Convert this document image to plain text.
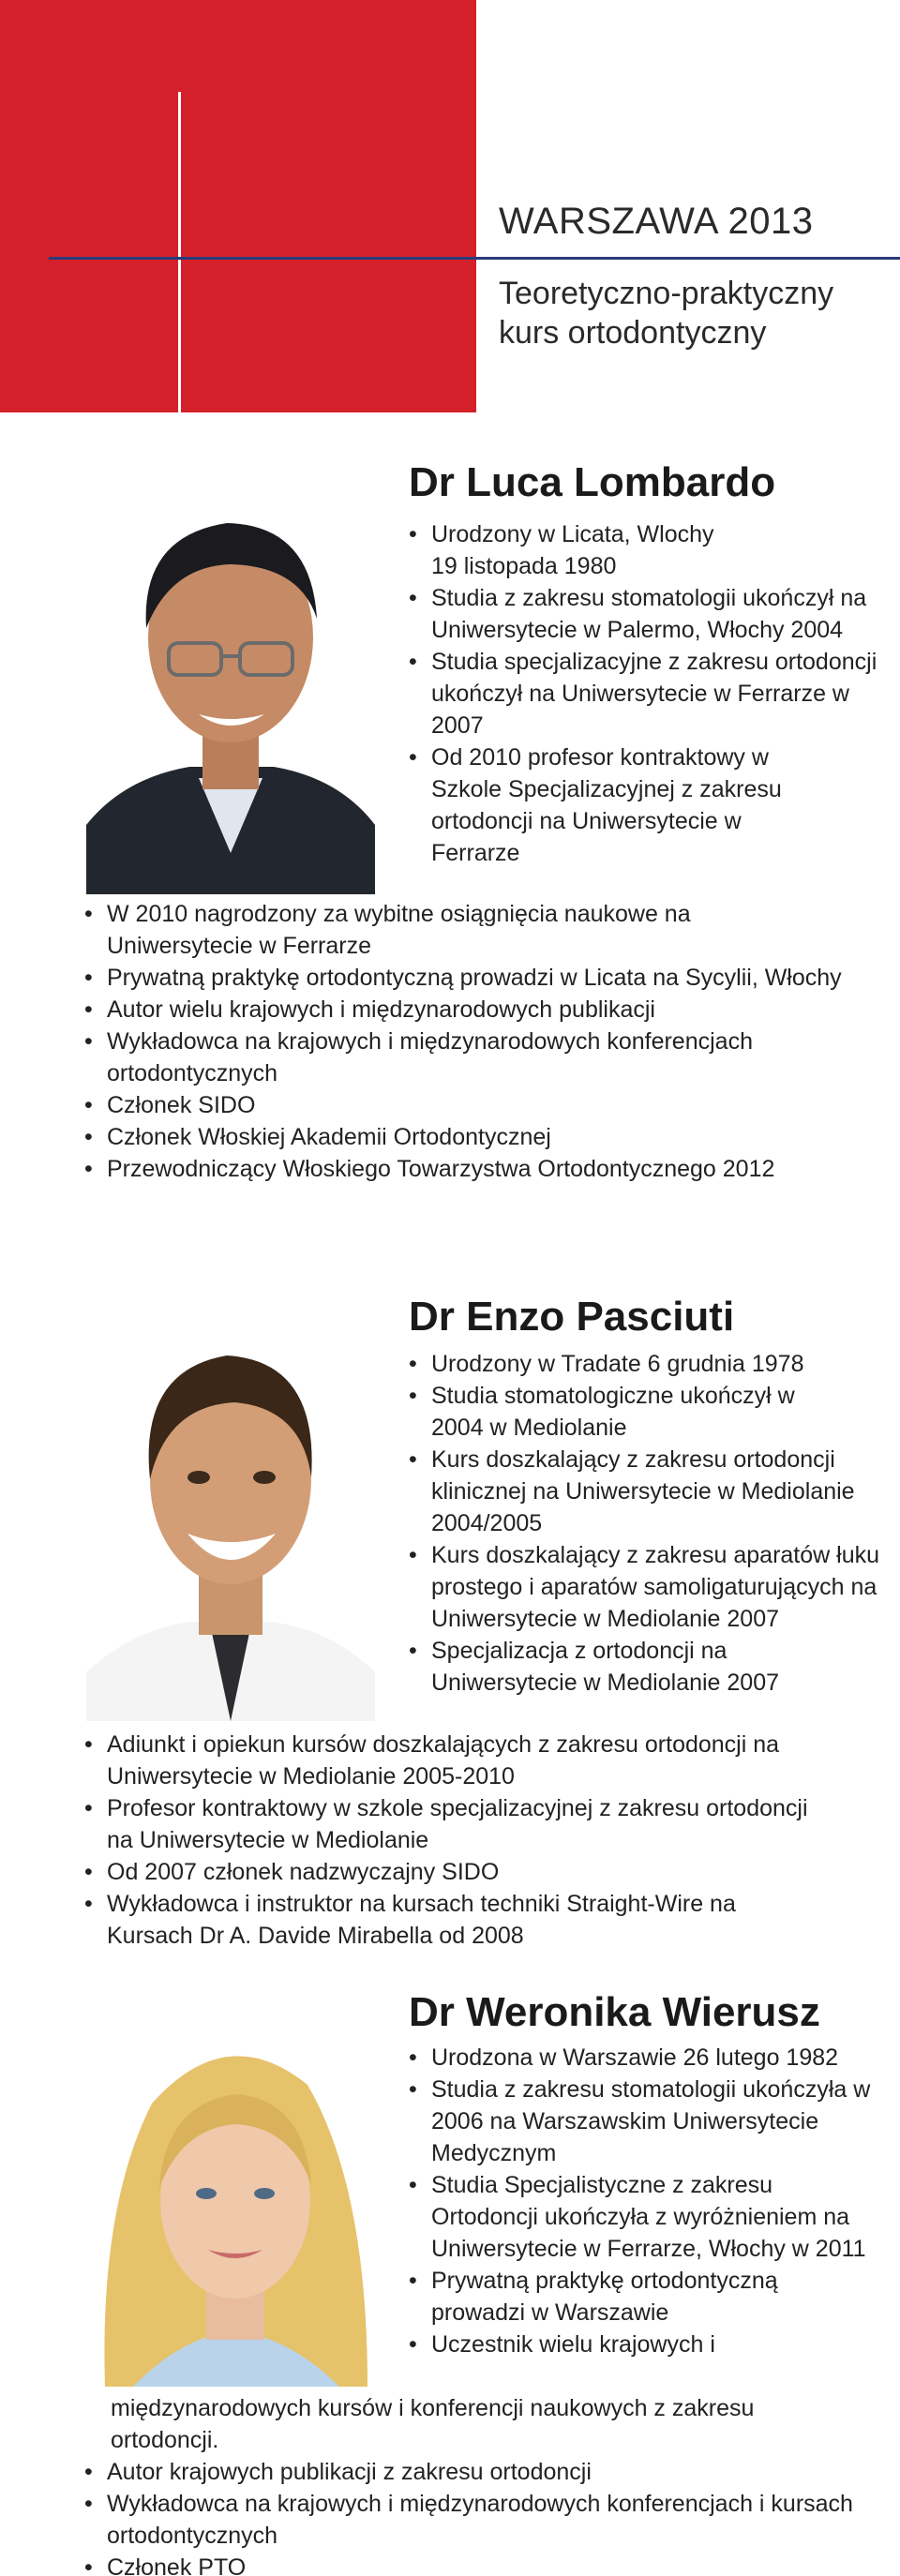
WARSZAWA 2013
Teoretyczno-praktyczny
kurs ortodontyczny
Dr Luca Lombardo
• Urodzony w Licata, Wlochy 19 listopada 1980
• Studia z zakresu stomatologii ukończył na Uniwersytecie w Palermo, Włochy 2004
• Studia specjalizacyjne z zakresu ortodoncji ukończył na Uniwersytecie w Ferrarze w 2007
• Od 2010 profesor kontraktowy w Szkole Specjalizacyjnej z zakresu ortodoncji na Uniwersytecie w Ferrarze
• W 2010 nagrodzony za wybitne osiągnięcia naukowe na Uniwersytecie w Ferrarze
• Prywatną praktykę ortodontyczną prowadzi w Licata na Sycylii, Włochy
• Autor wielu krajowych i międzynarodowych publikacji
• Wykładowca na krajowych i międzynarodowych konferencjach ortodontycznych
• Członek SIDO
• Członek Włoskiej Akademii Ortodontycznej
• Przewodniczący Włoskiego Towarzystwa Ortodontycznego 2012
Dr Enzo Pasciuti
• Urodzony w Tradate 6 grudnia 1978
• Studia stomatologiczne ukończył w 2004 w Mediolanie
• Kurs doszkalający z zakresu ortodoncji klinicznej na Uniwersytecie w Mediolanie 2004/2005
• Kurs doszkalający z zakresu aparatów łuku prostego i aparatów samoligaturujących na Uniwersytecie w Mediolanie 2007
• Specjalizacja z ortodoncji na Uniwersytecie w Mediolanie 2007
• Adiunkt i opiekun kursów doszkalających z zakresu ortodoncji na Uniwersytecie w Mediolanie 2005-2010
• Profesor kontraktowy w szkole specjalizacyjnej z zakresu ortodoncji na Uniwersytecie w Mediolanie
• Od 2007 członek nadzwyczajny SIDO
• Wykładowca i instruktor na kursach techniki Straight-Wire na Kursach Dr A. Davide Mirabella od 2008
Dr Weronika Wierusz
• Urodzona w Warszawie 26 lutego 1982
• Studia z zakresu stomatologii ukończyła w 2006 na Warszawskim Uniwersytecie Medycznym
• Studia Specjalistyczne z zakresu Ortodoncji ukończyła z wyróżnieniem na Uniwersytecie w Ferrarze, Włochy w 2011
• Prywatną praktykę ortodontyczną prowadzi w Warszawie
• Uczestnik wielu krajowych i
międzynarodowych kursów i konferencji naukowych z zakresu ortodoncji.
• Autor krajowych publikacji z zakresu ortodoncji
• Wykładowca na krajowych i międzynarodowych konferencjach i kursach ortodontycznych
• Członek PTO
